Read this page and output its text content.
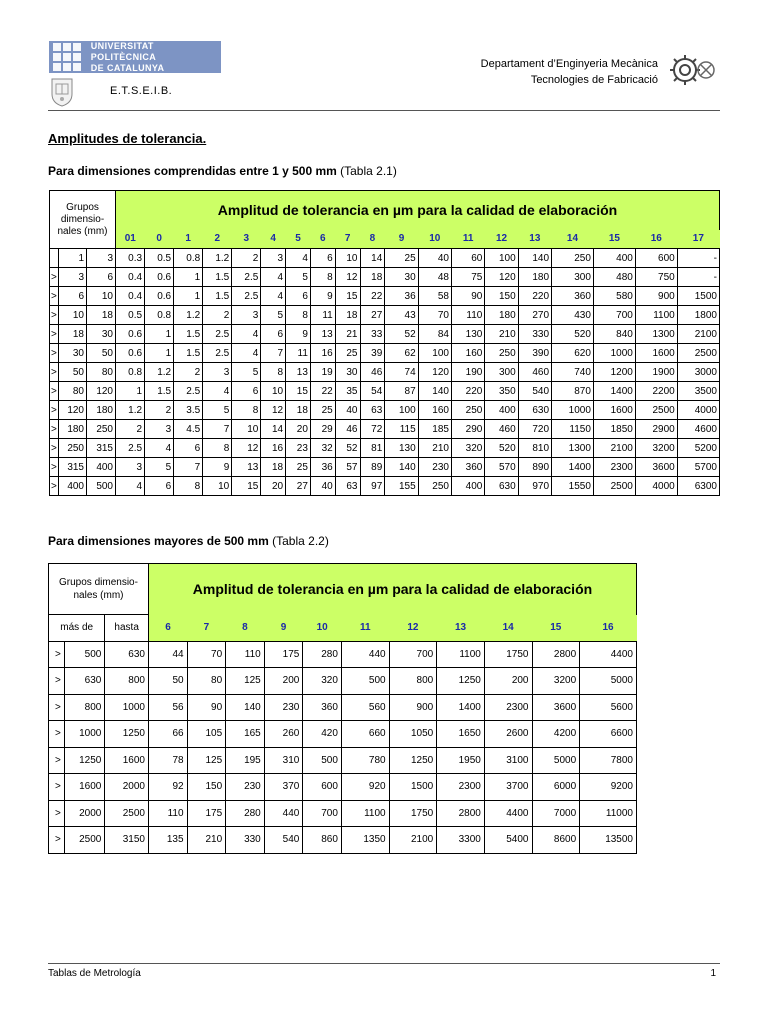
UNIVERSITAT POLITÈCNICA
DE CATALUNYA
E.T.S.E.I.B.
Departament d’Enginyeria Mecànica
Tecnologies de Fabricació
Amplitudes de tolerancia.
Para dimensiones comprendidas entre 1 y 500 mm (Tabla 2.1)
Grupos
dimensio-
nales (mm)			Amplitud de tolerancia en µm para la calidad de elaboración																		
			01	0	1	2	3	4	5	6	7	8	9	10	11	12	13	14	15	16	17
	1	3	0.3	0.5	0.8	1.2	2	3	4	6	10	14	25	40	60	100	140	250	400	600	-
>	3	6	0.4	0.6	1	1.5	2.5	4	5	8	12	18	30	48	75	120	180	300	480	750	-
>	6	10	0.4	0.6	1	1.5	2.5	4	6	9	15	22	36	58	90	150	220	360	580	900	1500
>	10	18	0.5	0.8	1.2	2	3	5	8	11	18	27	43	70	110	180	270	430	700	1100	1800
>	18	30	0.6	1	1.5	2.5	4	6	9	13	21	33	52	84	130	210	330	520	840	1300	2100
>	30	50	0.6	1	1.5	2.5	4	7	11	16	25	39	62	100	160	250	390	620	1000	1600	2500
>	50	80	0.8	1.2	2	3	5	8	13	19	30	46	74	120	190	300	460	740	1200	1900	3000
>	80	120	1	1.5	2.5	4	6	10	15	22	35	54	87	140	220	350	540	870	1400	2200	3500
>	120	180	1.2	2	3.5	5	8	12	18	25	40	63	100	160	250	400	630	1000	1600	2500	4000
>	180	250	2	3	4.5	7	10	14	20	29	46	72	115	185	290	460	720	1150	1850	2900	4600
>	250	315	2.5	4	6	8	12	16	23	32	52	81	130	210	320	520	810	1300	2100	3200	5200
>	315	400	3	5	7	9	13	18	25	36	57	89	140	230	360	570	890	1400	2300	3600	5700
>	400	500	4	6	8	10	15	20	27	40	63	97	155	250	400	630	970	1550	2500	4000	6300
Para dimensiones mayores de 500 mm (Tabla 2.2)
Grupos dimensio-
nales (mm)			Amplitud de tolerancia en µm para la calidad de elaboración										
más de		hasta	6	7	8	9	10	11	12	13	14	15	16
>	500	630	44	70	110	175	280	440	700	1100	1750	2800	4400
>	630	800	50	80	125	200	320	500	800	1250	200	3200	5000
>	800	1000	56	90	140	230	360	560	900	1400	2300	3600	5600
>	1000	1250	66	105	165	260	420	660	1050	1650	2600	4200	6600
>	1250	1600	78	125	195	310	500	780	1250	1950	3100	5000	7800
>	1600	2000	92	150	230	370	600	920	1500	2300	3700	6000	9200
>	2000	2500	110	175	280	440	700	1100	1750	2800	4400	7000	11000
>	2500	3150	135	210	330	540	860	1350	2100	3300	5400	8600	13500
Tablas de Metrología	1
